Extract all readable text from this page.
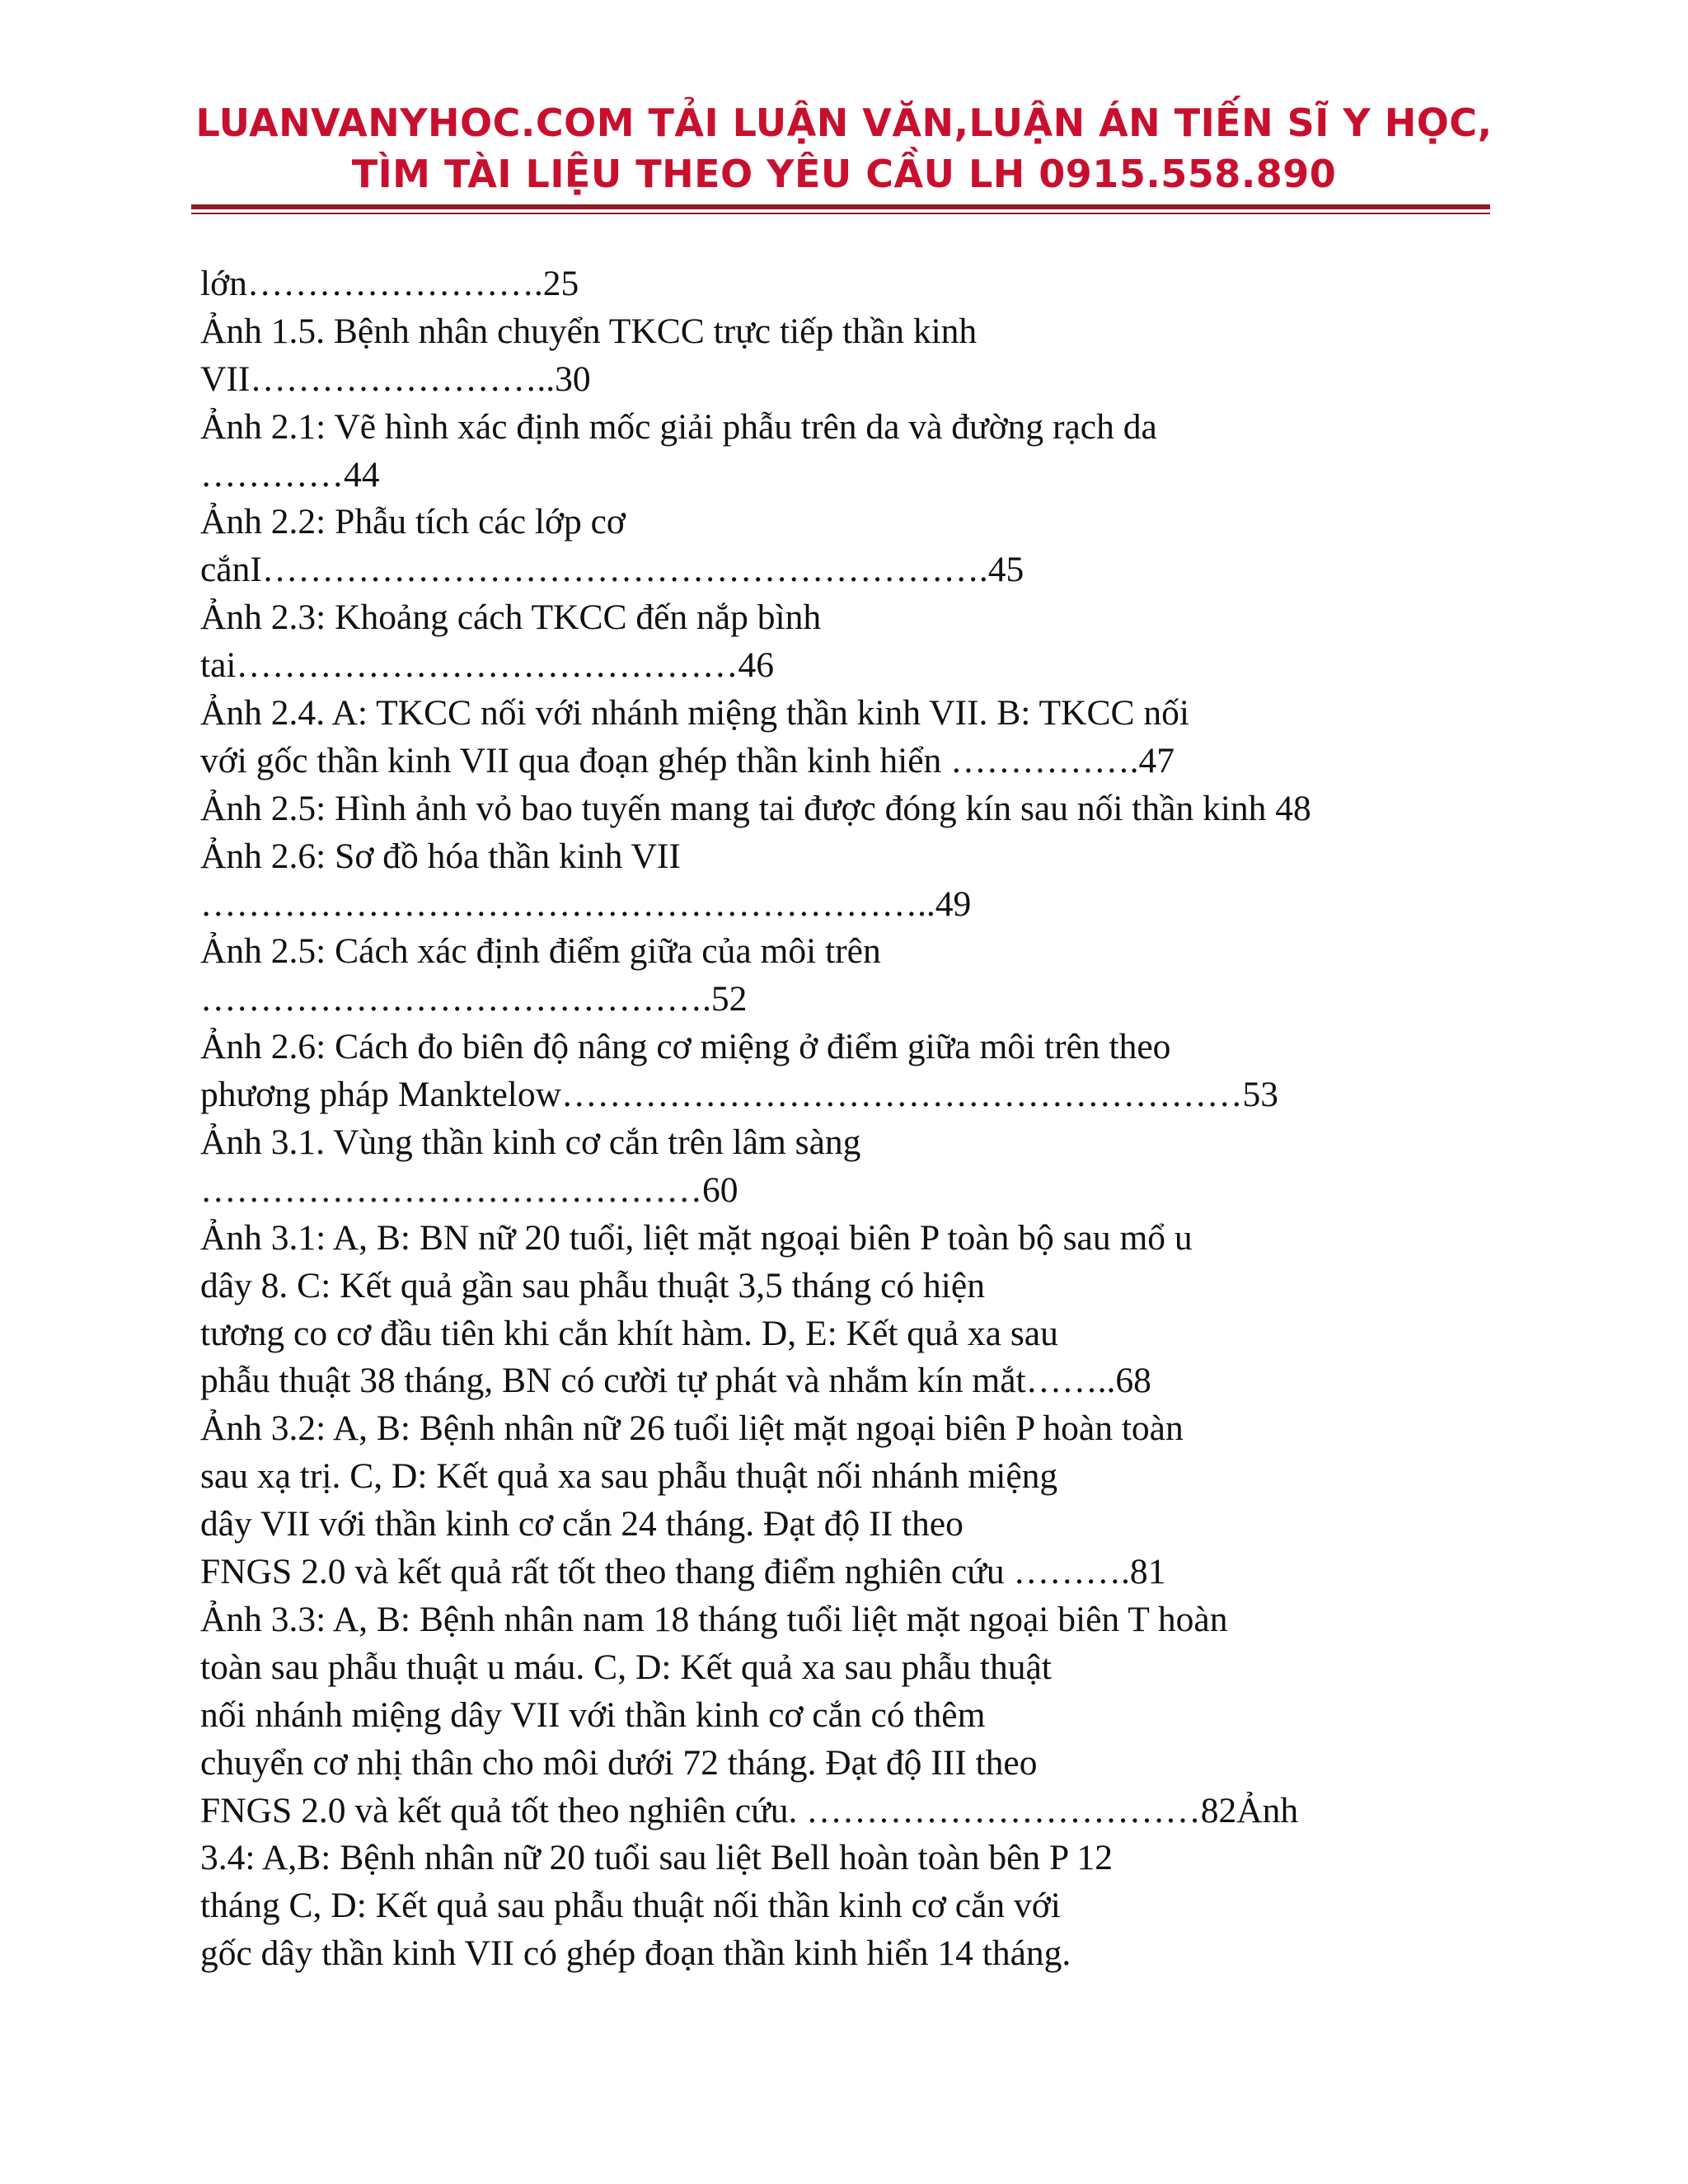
LUANVANYHOC.COM TẢI LUẬN VĂN,LUẬN ÁN TIẾN SĨ Y HỌC,
TÌM TÀI LIỆU THEO YÊU CẦU LH 0915.558.890
lớn…………………….25
Ảnh 1.5. Bệnh nhân chuyển TKCC trực tiếp thần kinh
VII……………………..30
Ảnh 2.1: Vẽ hình xác định mốc giải phẫu trên da và đường rạch da
…………44
Ảnh 2.2: Phẫu tích các lớp cơ
cắnI…………………………………………………….45
Ảnh 2.3: Khoảng cách TKCC đến nắp bình
tai……………………………………46
Ảnh 2.4. A: TKCC nối với nhánh miệng thần kinh VII. B: TKCC nối
với gốc thần kinh VII qua đoạn ghép thần kinh hiển …………….47
Ảnh 2.5: Hình ảnh vỏ bao tuyến mang tai được đóng kín sau nối thần kinh 48
Ảnh 2.6: Sơ đồ hóa thần kinh VII
……………………………………………………..49
Ảnh 2.5: Cách xác định điểm giữa của môi trên
…………………………………….52
Ảnh 2.6: Cách đo biên độ nâng cơ miệng ở điểm giữa môi trên theo
phương pháp Manktelow…………………………………………………53
Ảnh 3.1. Vùng thần kinh cơ cắn trên lâm sàng
……………………………………60
Ảnh 3.1: A, B: BN nữ 20 tuổi, liệt mặt ngoại biên P toàn bộ sau mổ u
dây 8. C: Kết quả gần sau phẫu thuật 3,5 tháng có hiện
tương co cơ đầu tiên khi cắn khít hàm. D, E: Kết quả xa sau
phẫu thuật 38 tháng, BN có cười tự phát và nhắm kín mắt……..68
Ảnh 3.2: A, B: Bệnh nhân nữ 26 tuổi liệt mặt ngoại biên P hoàn toàn
sau xạ trị. C, D: Kết quả xa sau phẫu thuật nối nhánh miệng
dây VII với thần kinh cơ cắn 24 tháng. Đạt độ II theo
FNGS 2.0 và kết quả rất tốt theo thang điểm nghiên cứu ……….81
Ảnh 3.3: A, B: Bệnh nhân nam 18 tháng tuổi liệt mặt ngoại biên T hoàn
toàn sau phẫu thuật u máu. C, D: Kết quả xa sau phẫu thuật
nối nhánh miệng dây VII với thần kinh cơ cắn có thêm
chuyển cơ nhị thân cho môi dưới 72 tháng. Đạt độ III theo
FNGS 2.0 và kết quả tốt theo nghiên cứu. ……………………………82Ảnh
3.4: A,B: Bệnh nhân nữ 20 tuổi sau liệt Bell hoàn toàn bên P 12
tháng C, D: Kết quả sau phẫu thuật nối thần kinh cơ cắn với
gốc dây thần kinh VII có ghép đoạn thần kinh hiển 14 tháng.
